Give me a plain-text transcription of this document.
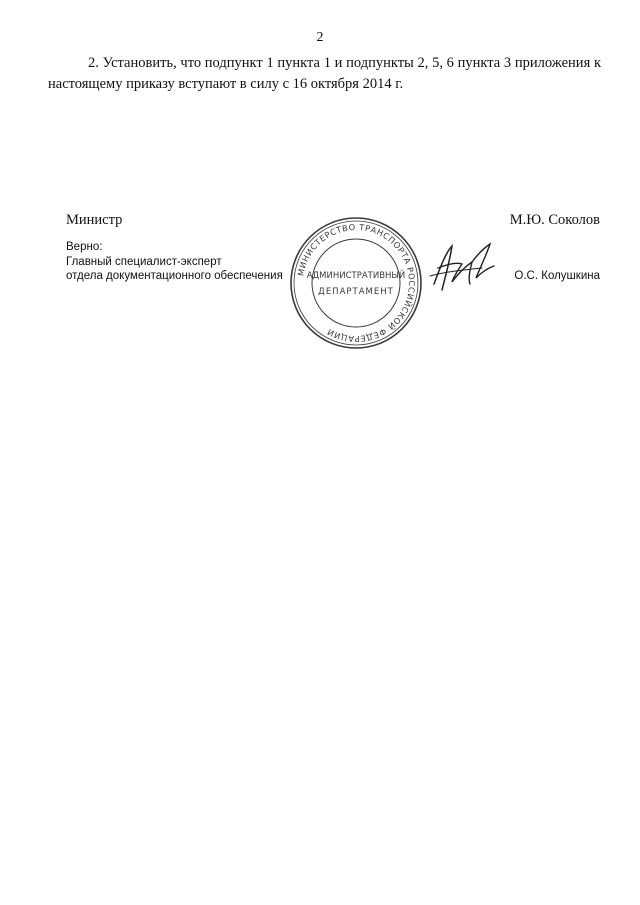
2

2. Установить, что подпункт 1 пункта 1 и подпункты 2, 5, 6 пункта 3 приложения к настоящему приказу вступают в силу с 16 октября 2014 г.

Министр	М.Ю. Соколов
Верно:
Главный специалист-эксперт
отдела документационного обеспечения	О.С. Колушкина
МИНИСТЕРСТВО ТРАНСПОРТА РОССИЙСКОЙ ФЕДЕРАЦИИ
АДМИНИСТРАТИВНЫЙ
ДЕПАРТАМЕНТ
